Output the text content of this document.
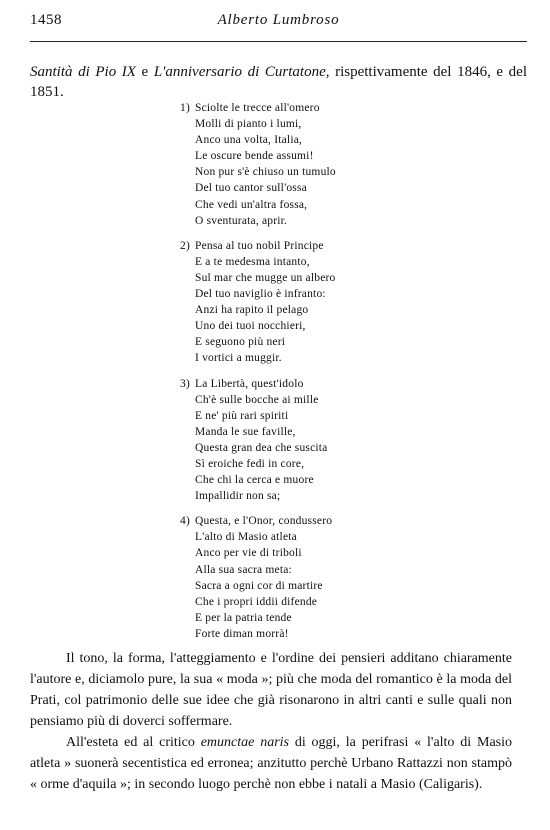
1458	Alberto Lumbroso

Santità di Pio IX e L'anniversario di Curtatone, rispettivamente del 1846, e del 1851.

1) Sciolte le trecce all'omero
Molli di pianto i lumi,
Anco una volta, Italia,
Le oscure bende assumi!
Non pur s'è chiuso un tumulo
Del tuo cantor sull'ossa
Che vedi un'altra fossa,
O sventurata, aprir.
2) Pensa al tuo nobil Principe
E a te medesma intanto,
Sul mar che mugge un albero
Del tuo naviglio è infranto:
Anzi ha rapito il pelago
Uno dei tuoi nocchieri,
E seguono più neri
I vortici a muggir.
3) La Libertà, quest'idolo
Ch'è sulle bocche ai mille
E ne' più rari spiriti
Manda le sue faville,
Questa gran dea che suscita
Sì eroiche fedi in core,
Che chi la cerca e muore
Impallidir non sa;
4) Questa, e l'Onor, condussero
L'alto di Masio atleta
Anco per vie di triboli
Alla sua sacra meta:
Sacra a ogni cor di martire
Che i propri iddii difende
E per la patria tende
Forte diman morrà!

Il tono, la forma, l'atteggiamento e l'ordine dei pensieri additano chiaramente l'autore e, diciamolo pure, la sua « moda »; più che moda del romantico è la moda del Prati, col patrimonio delle sue idee che già risonarono in altri canti e sulle quali non pensiamo più di doverci soffermare.

All'esteta ed al critico emunctae naris di oggi, la perifrasi « l'alto di Masio atleta » suonerà secentistica ed erronea; anzitutto perchè Urbano Rattazzi non stampò « orme d'aquila »; in secondo luogo perchè non ebbe i natali a Masio (Caligaris).
